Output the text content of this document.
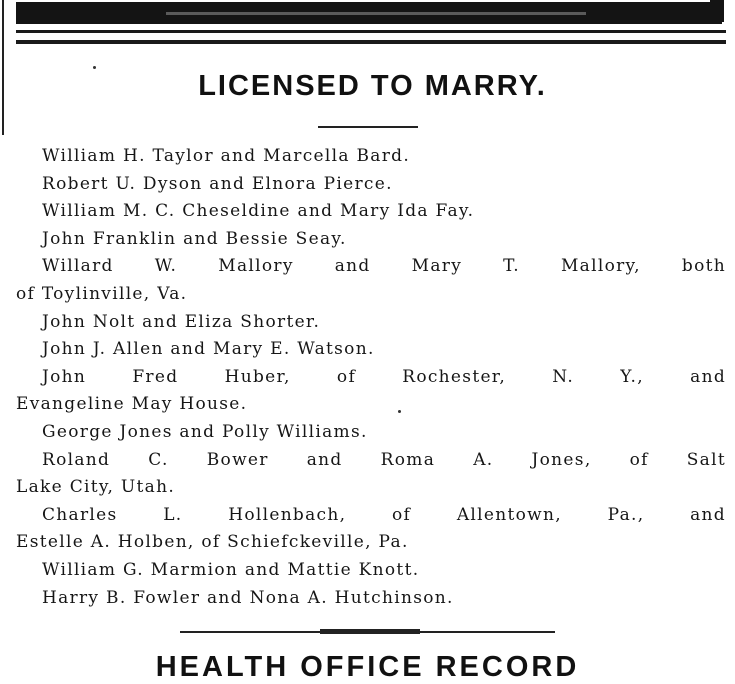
LICENSED TO MARRY.
William H. Taylor and Marcella Bard.
Robert U. Dyson and Elnora Pierce.
William M. C. Cheseldine and Mary Ida Fay.
John Franklin and Bessie Seay.
Willard W. Mallory and Mary T. Mallory, both
of Toylinville, Va.
John Nolt and Eliza Shorter.
John J. Allen and Mary E. Watson.
John Fred Huber, of Rochester, N. Y., and
Evangeline May House.
George Jones and Polly Williams.
Roland C. Bower and Roma A. Jones, of Salt
Lake City, Utah.
Charles L. Hollenbach, of Allentown, Pa., and
Estelle A. Holben, of Schiefckeville, Pa.
William G. Marmion and Mattie Knott.
Harry B. Fowler and Nona A. Hutchinson.
HEALTH OFFICE RECORD
